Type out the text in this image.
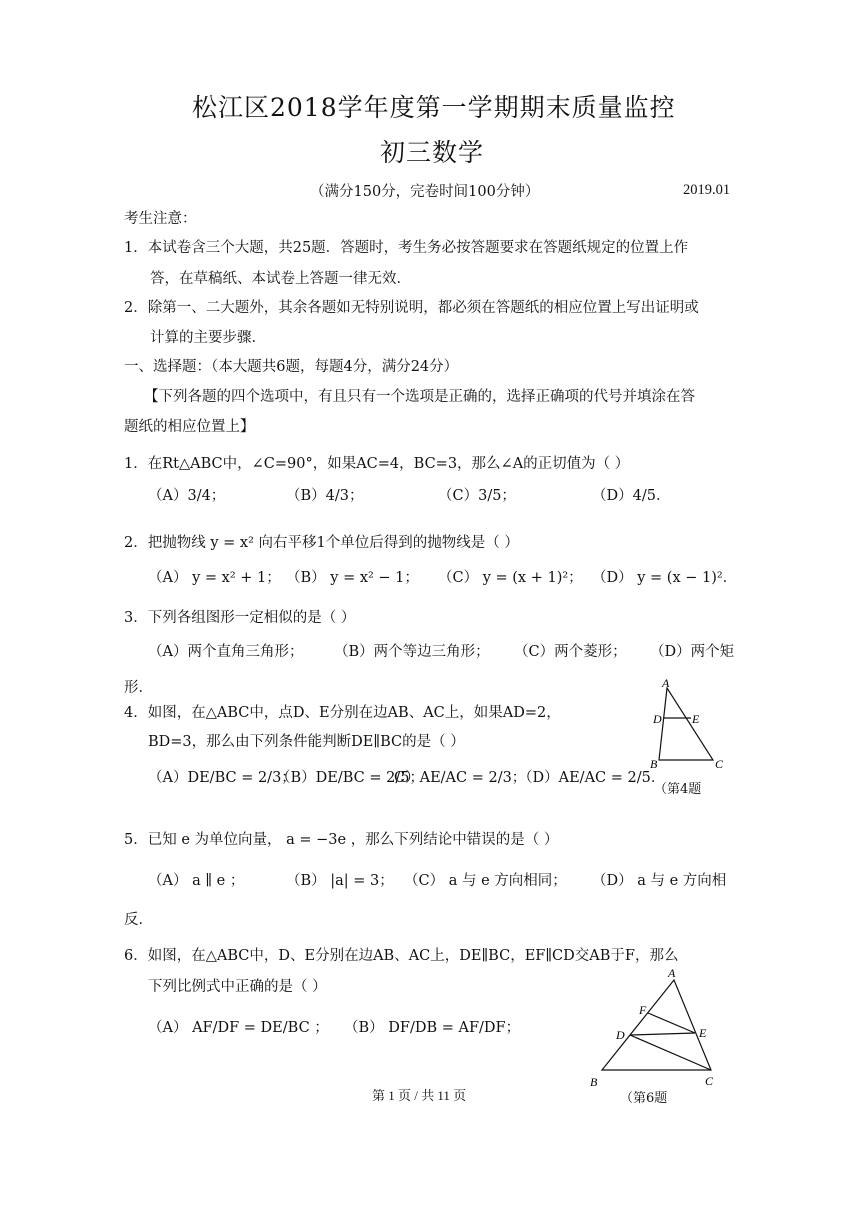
松江区2018学年度第一学期期末质量监控
初三数学
（满分150分，完卷时间100分钟）	2019.01
考生注意：
1．本试卷含三个大题，共25题．答题时，考生务必按答题要求在答题纸规定的位置上作
答，在草稿纸、本试卷上答题一律无效．
2．除第一、二大题外，其余各题如无特别说明，都必须在答题纸的相应位置上写出证明或
计算的主要步骤．
一、选择题：（本大题共6题，每题4分，满分24分）
【下列各题的四个选项中，有且只有一个选项是正确的，选择正确项的代号并填涂在答
题纸的相应位置上】
1．在Rt△ABC中，∠C=90°，如果AC=4，BC=3，那么∠A的正切值为（ ）
（A）3/4；	（B）4/3；	（C）3/5；	（D）4/5．
2．把抛物线 y = x² 向右平移1个单位后得到的抛物线是（ ）
（A） y = x² + 1； （B） y = x² − 1； （C） y = (x + 1)²； （D） y = (x − 1)²．
3．下列各组图形一定相似的是（ ）
（A）两个直角三角形； （B）两个等边三角形； （C）两个菱形； （D）两个矩
形．
4．如图，在△ABC中，点D、E分别在边AB、AC上，如果AD=2，
BD=3，那么由下列条件能判断DE∥BC的是（ ）
（A）DE/BC = 2/3；
（B）DE/BC = 2/5；
C）AE/AC = 2/3；
（D）AE/AC = 2/5．
A
D	E
B	C
（第4题
5．已知 e 为单位向量， a = −3e ，那么下列结论中错误的是（ ）
（A） a ∥ e ；	（B） |a| = 3； （C） a 与 e 方向相同； （D） a 与 e 方向相
反．
6．如图，在△ABC中，D、E分别在边AB、AC上，DE∥BC，EF∥CD交AB于F，那么
下列比例式中正确的是（ ）
（A） AF/DF = DE/BC ； （B） DF/DB = AF/DF；
A
F
D	E
B	C
（第6题
第 1 页 / 共 11 页
